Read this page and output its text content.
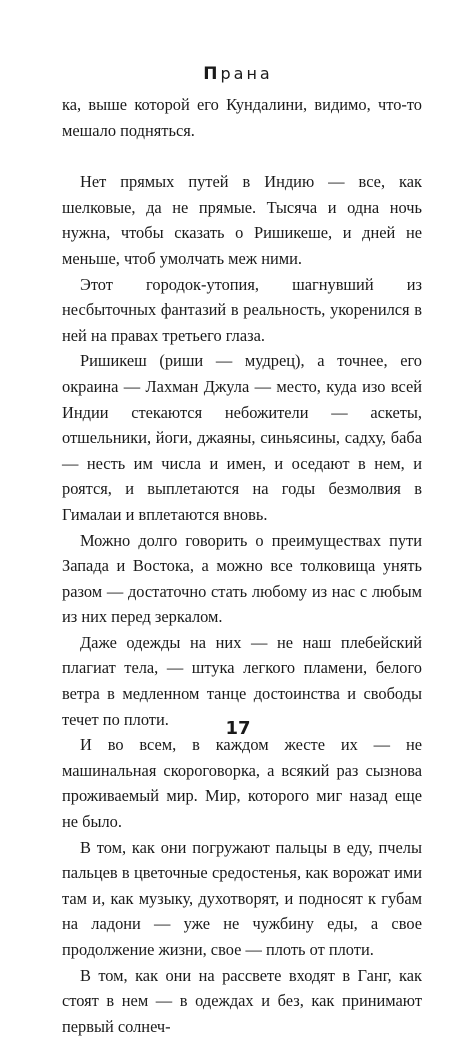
Прана

ка, выше которой его Кундалини, видимо, что-то мешало подняться.

Нет прямых путей в Индию — все, как шелковые, да не прямые. Тысяча и одна ночь нужна, чтобы сказать о Ришикеше, и дней не меньше, чтоб умолчать меж ними.

Этот городок-утопия, шагнувший из несбыточных фантазий в реальность, укоренился в ней на правах третьего глаза.

Ришикеш (риши — мудрец), а точнее, его окраина — Лахман Джула — место, куда изо всей Индии стекаются небожители — аскеты, отшельники, йоги, джаяны, синьясины, садху, баба — несть им числа и имен, и оседают в нем, и роятся, и выплетаются на годы безмолвия в Гималаи и вплетаются вновь.

Можно долго говорить о преимуществах пути Запада и Востока, а можно все толковища унять разом — достаточно стать любому из нас с любым из них перед зеркалом.

Даже одежды на них — не наш плебейский плагиат тела, — штука легкого пламени, белого ветра в медленном танце достоинства и свободы течет по плоти.

И во всем, в каждом жесте их — не машинальная скороговорка, а всякий раз сызнова проживаемый мир. Мир, которого миг назад еще не было.

В том, как они погружают пальцы в еду, пчелы пальцев в цветочные средостенья, как ворожат ими там и, как музыку, духотворят, и подносят к губам на ладони — уже не чужбину еды, а свое продолжение жизни, свое — плоть от плоти.

В том, как они на рассвете входят в Ганг, как стоят в нем — в одеждах и без, как принимают первый солнеч-

17
